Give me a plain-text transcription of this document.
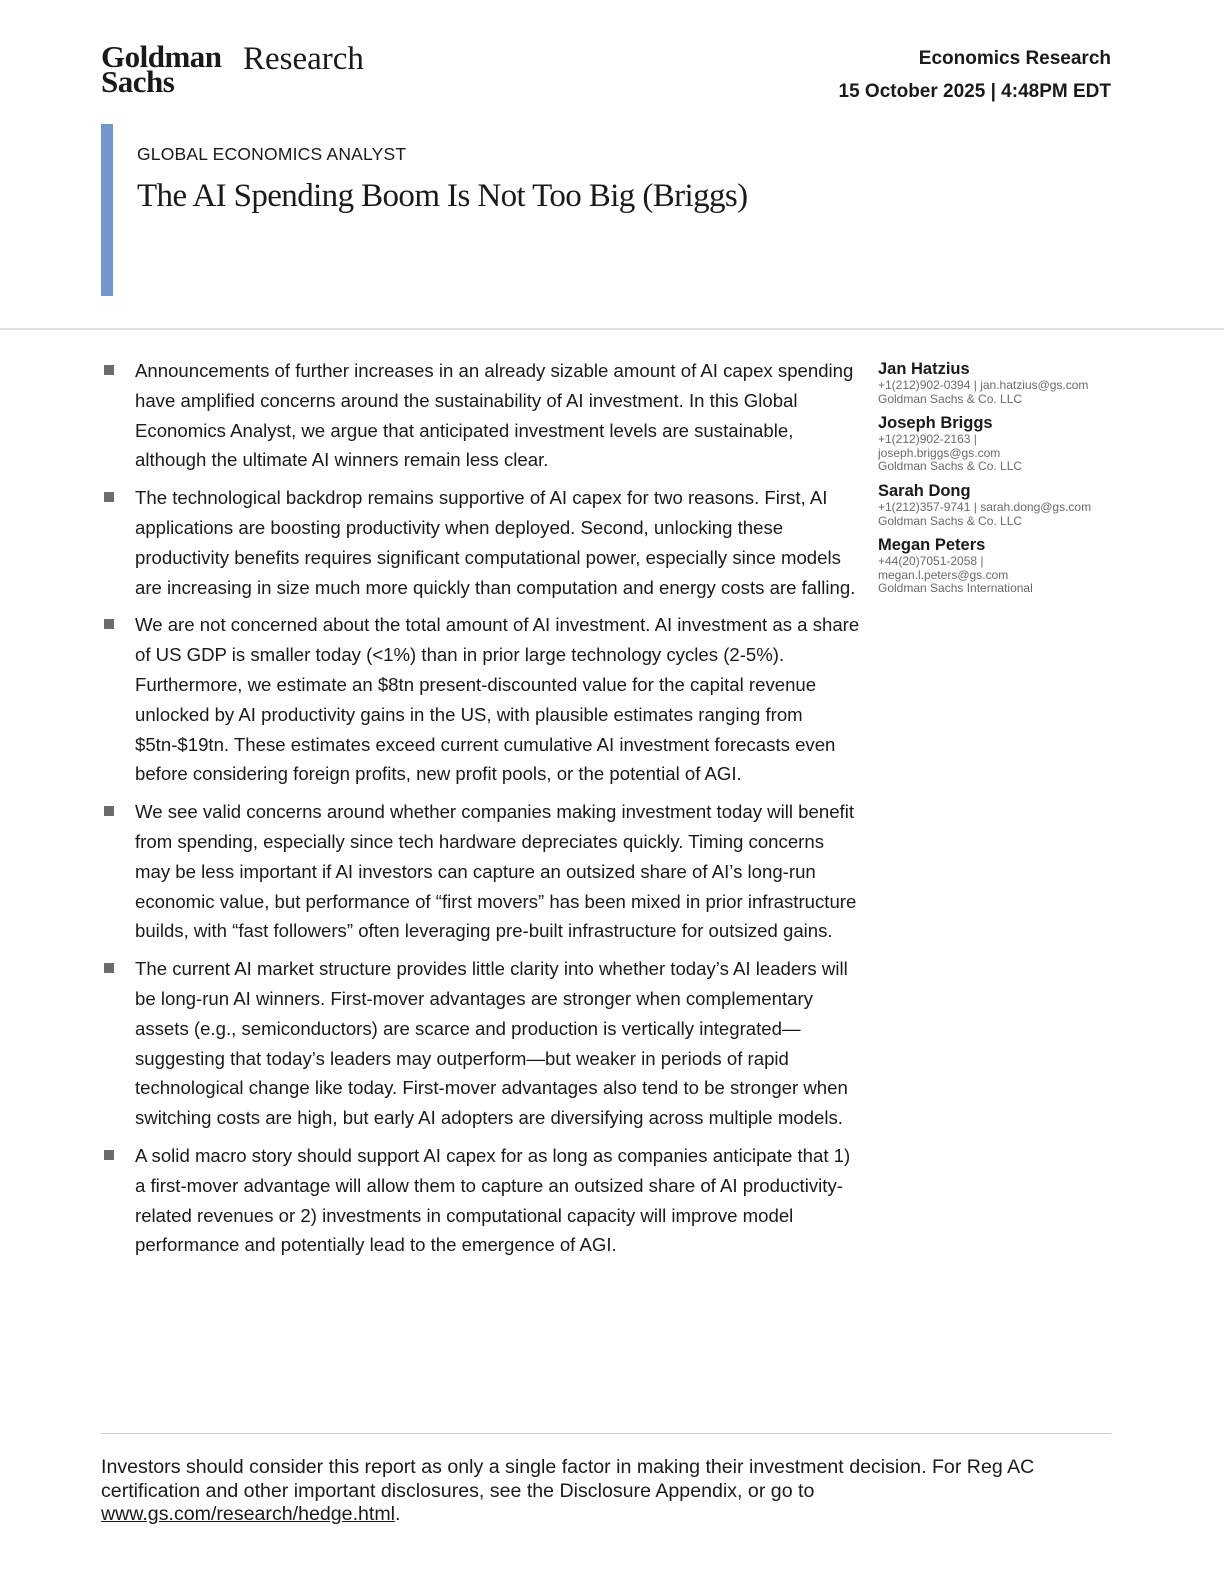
Goldman
Sachs
Research	Economics Research
15 October 2025 | 4:48PM EDT
GLOBAL ECONOMICS ANALYST
The AI Spending Boom Is Not Too Big (Briggs)
Announcements of further increases in an already sizable amount of AI capex spending have amplified concerns around the sustainability of AI investment. In this Global Economics Analyst, we argue that anticipated investment levels are sustainable, although the ultimate AI winners remain less clear.
The technological backdrop remains supportive of AI capex for two reasons. First, AI applications are boosting productivity when deployed. Second, unlocking these productivity benefits requires significant computational power, especially since models are increasing in size much more quickly than computation and energy costs are falling.
We are not concerned about the total amount of AI investment. AI investment as a share of US GDP is smaller today (<1%) than in prior large technology cycles (2-5%). Furthermore, we estimate an $8tn present-discounted value for the capital revenue unlocked by AI productivity gains in the US, with plausible estimates ranging from $5tn-$19tn. These estimates exceed current cumulative AI investment forecasts even before considering foreign profits, new profit pools, or the potential of AGI.
We see valid concerns around whether companies making investment today will benefit from spending, especially since tech hardware depreciates quickly. Timing concerns may be less important if AI investors can capture an outsized share of AI’s long-run economic value, but performance of “first movers” has been mixed in prior infrastructure builds, with “fast followers” often leveraging pre-built infrastructure for outsized gains.
The current AI market structure provides little clarity into whether today’s AI leaders will be long-run AI winners. First-mover advantages are stronger when complementary assets (e.g., semiconductors) are scarce and production is vertically integrated—suggesting that today’s leaders may outperform—but weaker in periods of rapid technological change like today. First-mover advantages also tend to be stronger when switching costs are high, but early AI adopters are diversifying across multiple models.
A solid macro story should support AI capex for as long as companies anticipate that 1) a first-mover advantage will allow them to capture an outsized share of AI productivity-related revenues or 2) investments in computational capacity will improve model performance and potentially lead to the emergence of AGI.
Jan Hatzius
+1(212)902-0394 | jan.hatzius@gs.com
Goldman Sachs & Co. LLC
Joseph Briggs
+1(212)902-2163 |
joseph.briggs@gs.com
Goldman Sachs & Co. LLC
Sarah Dong
+1(212)357-9741 | sarah.dong@gs.com
Goldman Sachs & Co. LLC
Megan Peters
+44(20)7051-2058 |
megan.l.peters@gs.com
Goldman Sachs International
Investors should consider this report as only a single factor in making their investment decision. For Reg AC certification and other important disclosures, see the Disclosure Appendix, or go to www.gs.com/research/hedge.html.
